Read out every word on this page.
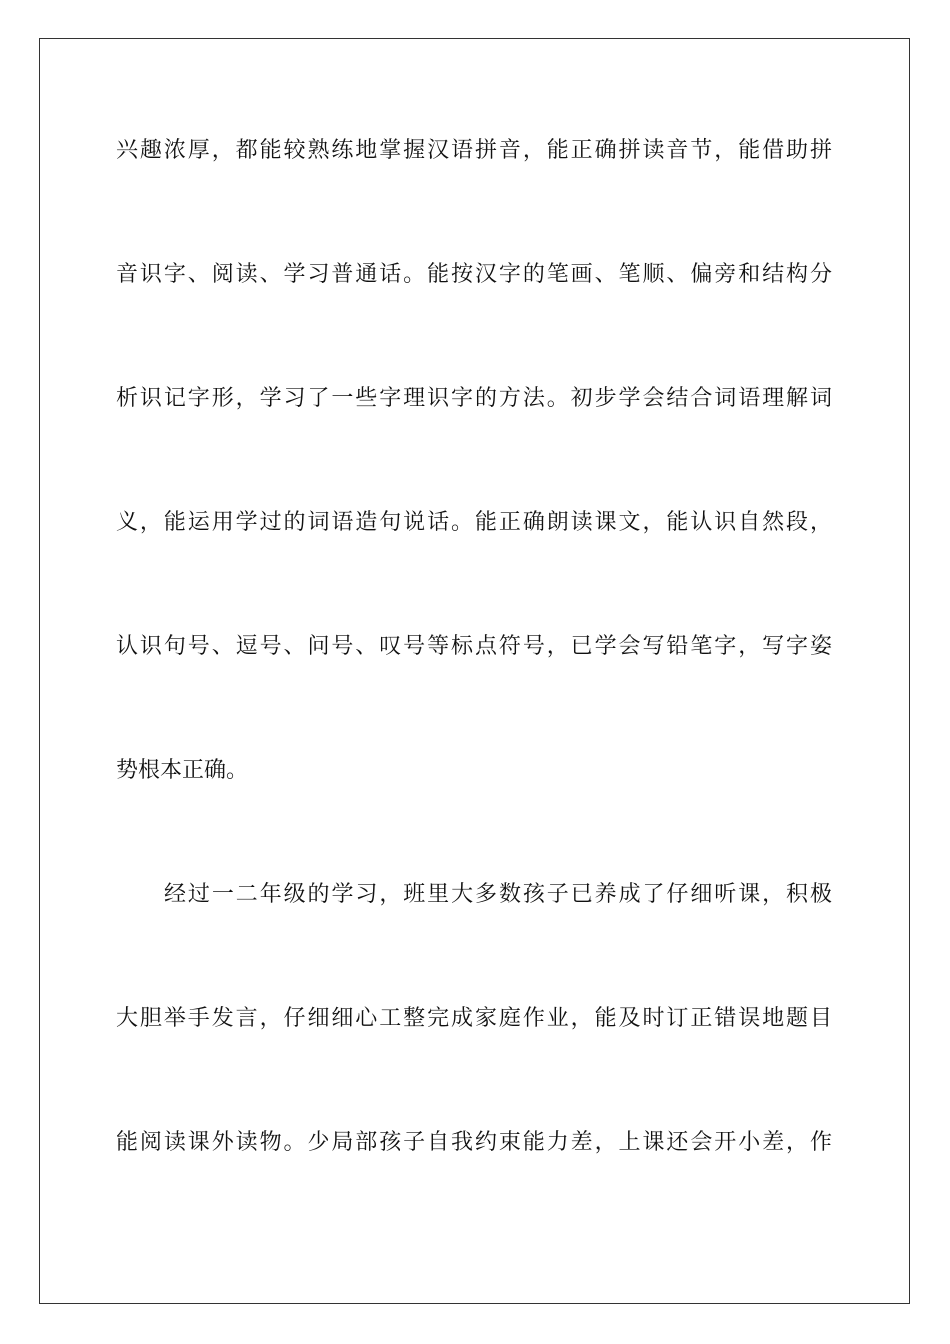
兴趣浓厚，都能较熟练地掌握汉语拼音，能正确拼读音节，能借助拼
音识字、阅读、学习普通话。能按汉字的笔画、笔顺、偏旁和结构分
析识记字形，学习了一些字理识字的方法。初步学会结合词语理解词
义，能运用学过的词语造句说话。能正确朗读课文，能认识自然段，
认识句号、逗号、问号、叹号等标点符号，已学会写铅笔字，写字姿
势根本正确。
经过一二年级的学习，班里大多数孩子已养成了仔细听课，积极
大胆举手发言，仔细细心工整完成家庭作业，能及时订正错误地题目
能阅读课外读物。少局部孩子自我约束能力差，上课还会开小差，作
